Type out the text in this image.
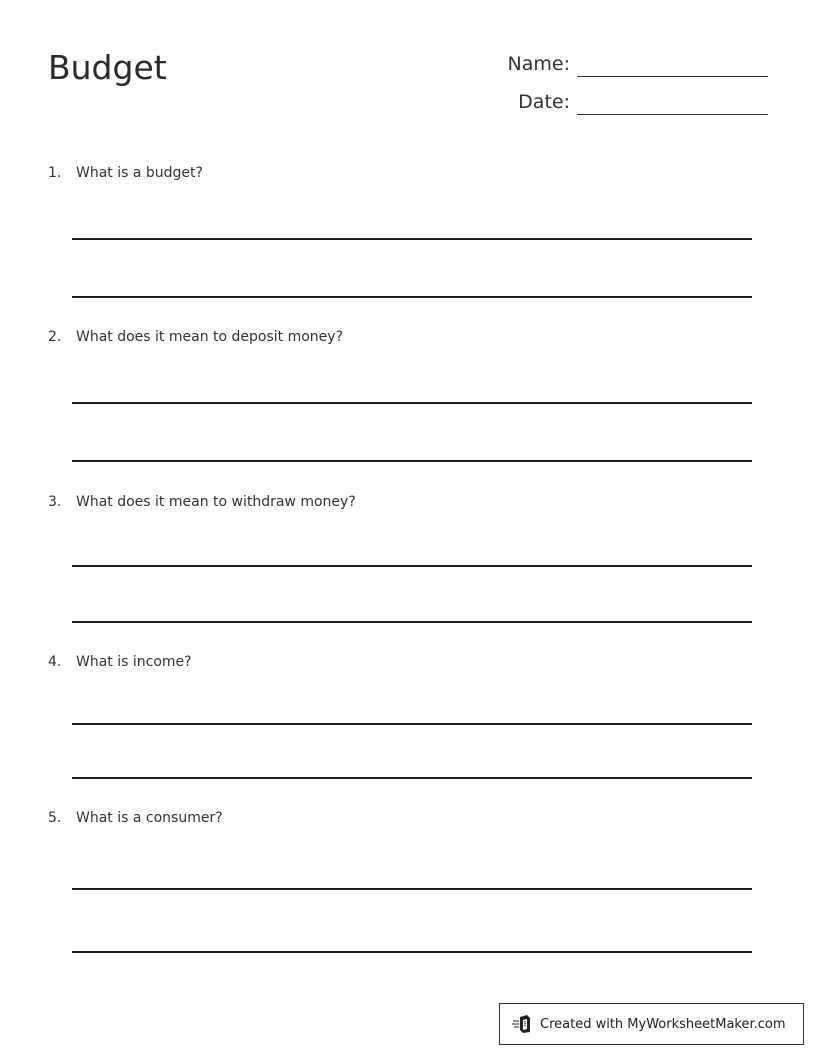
Budget	Name:
Date:
1. What is a budget?
2. What does it mean to deposit money?
3. What does it mean to withdraw money?
4. What is income?
5. What is a consumer?
Created with MyWorksheetMaker.com
